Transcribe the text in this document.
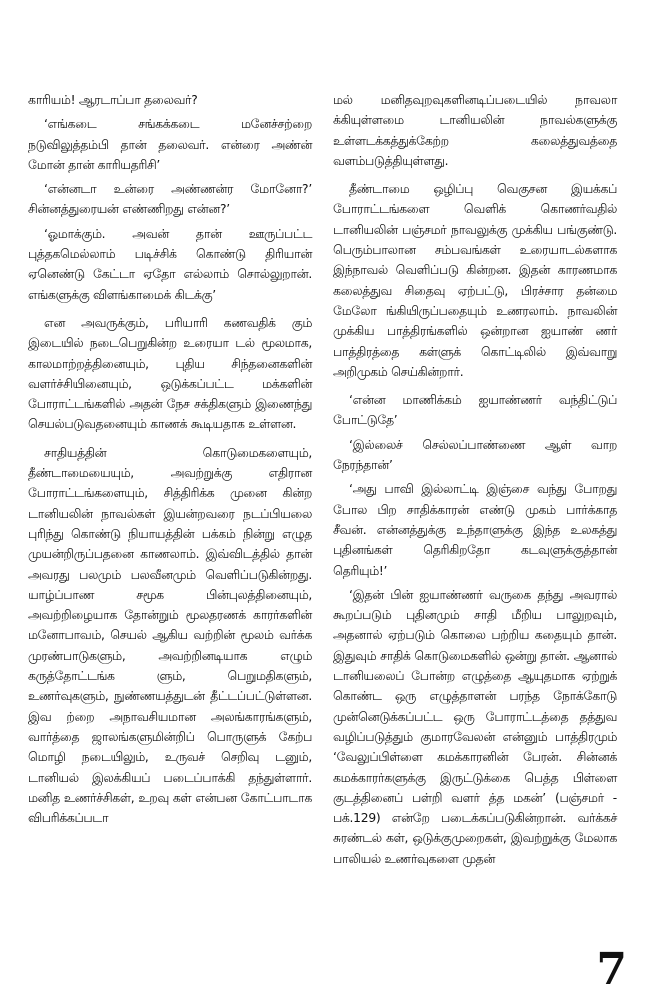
காரியம்! ஆரடாப்பா தலைவர்?

‘எங்கடை சங்கக்கடை மனேச்சற்றை நடுவிலுத்தம்பி தான் தலைவர். என்ரை அண்ன் மோன் தான் காரியதரிசி’

‘என்னடா உன்ரை அண்ணன்ர மோனோ?’ சின்னத்துரையன் எண்ணிறது என்ன?’

‘ஓமாக்கும். அவன் தான் ஊருப்பட்ட புத்தகமெல்லாம் படிச்சிக் கொண்டு திரியான் ஏனெண்டு கேட்டா ஏதோ எல்லாம் சொல்லுறான். எங்களுக்கு விளங்காமைக் கிடக்கு’

என அவருக்கும், பரியாரி கணவதிக் கும் இடையில் நடைபெறுகின்ற உரையா டல் மூலமாக, காலமாற்றத்தினையும், புதிய சிந்தனைகளின் வளர்ச்சியினையும், ஒடுக்கப்பட்ட மக்களின் போராட்டங்களில் அதன் நேச சக்திகளும் இணைந்து செயல்படுவதனையும் காணக் கூடியதாக உள்ளன.

சாதியத்தின் கொடுமைகளையும், தீண்டாமையையும், அவற்றுக்கு எதிரான போராட்டங்களையும், சித்திரிக்க முனை கின்ற டானியலின் நாவல்கள் இயன்றவரை நடப்பியலை புரிந்து கொண்டு நியாயத்தின் பக்கம் நின்று எழுத முயன்றிருப்பதனை காணலாம். இவ்விடத்தில் தான் அவரது பலமும் பலவீனமும் வெளிப்படுகின்றது. யாழ்ப்பாண சமூக பின்புலத்தினையும், அவற்றிழையாக தோன்றும் மூலதரணக் காரர்களின் மனோபாவம், செயல் ஆகிய வற்றின் மூலம் வர்க்க முரண்பாடுகளும், அவற்றினடியாக எழும் கருத்தோட்டங்க ளும், பெறுமதிகளும், உணர்வுகளும், நுண்ணயத்துடன் தீட்டப்பட்டுள்ளன. இவ ற்றை அநாவசியமான அலங்காரங்களும், வார்த்தை ஜாலங்களுமின்றிப் பொருளுக் கேற்ப மொழி நடையிலும், உருவச் செறிவு டனும், டானியல் இலக்கியப் படைப்பாக்கி தந்துள்ளார். மனித உணர்ச்சிகள், உறவு கள் என்பன கோட்பாடாக விபரிக்கப்படா

மல் மனிதவுறவுகளினடிப்படையில் நாவலா க்கியுள்ளமை டானியலின் நாவல்களுக்கு உள்ளடக்கத்துக்கேற்ற கலைத்துவத்தை வளம்படுத்தியுள்ளது.

தீண்டாமை ஒழிப்பு வெகுசன இயக்கப் போராட்டங்களை வெளிக் கொணர்வதில் டானியலின் பஞ்சமர் நாவலுக்கு முக்கிய பங்குண்டு. பெரும்பாலான சம்பவங்கள் உரையாடல்களாக இந்நாவல் வெளிப்படு கின்றன. இதன் காரணமாக கலைத்துவ சிதைவு ஏற்பட்டு, பிரச்சார தன்மை மேலோ ங்கியிருப்பதையும் உணரலாம். நாவலின் முக்கிய பாத்திரங்களில் ஒன்றான ஐயாண் ணர் பாத்திரத்தை கள்ளுக் கொட்டிலில் இவ்வாறு அறிமுகம் செய்கின்றார்.

‘என்ன மாணிக்கம் ஐயாண்ணர் வந்திட்டுப் போட்டுதே’

‘இல்லைச் செல்லப்பாண்ணை ஆள் வாற நேரந்தான்’

‘அது பாவி இல்லாட்டி இஞ்சை வந்து போறது போல பிற சாதிக்காரன் எண்டு முகம் பார்க்காத சீவன். என்னத்துக்கு உந்தாளுக்கு இந்த உலகத்து புதினங்கள் தெரிகிறதோ கடவுளுக்குத்தான் தெரியும்!’

‘இதன் பின் ஐயாண்ணர் வருகை தந்து அவரால் கூறப்படும் புதினமும் சாதி மீறிய பாலுறவும், அதனால் ஏற்படும் கொலை பற்றிய கதையும் தான். இதுவும் சாதிக் கொடுமைகளில் ஒன்று தான். ஆனால் டானியலைப் போன்ற எழுத்தை ஆயுதமாக ஏற்றுக் கொண்ட ஒரு எழுத்தாளன் பரந்த நோக்கோடு முன்னெடுக்கப்பட்ட ஒரு போராட்டத்தை தத்துவ வழிப்படுத்தும் குமாரவேலன் என்னும் பாத்திரமும் ‘வேலுப்பிள்ளை கமக்காரனின் பேரன். சின்னக் கமக்காரர்களுக்கு இருட்டுக்கை பெத்த பிள்ளை குடத்தினைப் பள்றி வளர் த்த மகன்’ (பஞ்சமர் - பக்.129) என்றே படைக்கப்படுகின்றான். வர்க்கச் சுரண்டல் கள், ஒடுக்குமுறைகள், இவற்றுக்கு மேலாக பாலியல் உணர்வுகளை முதன்

7
